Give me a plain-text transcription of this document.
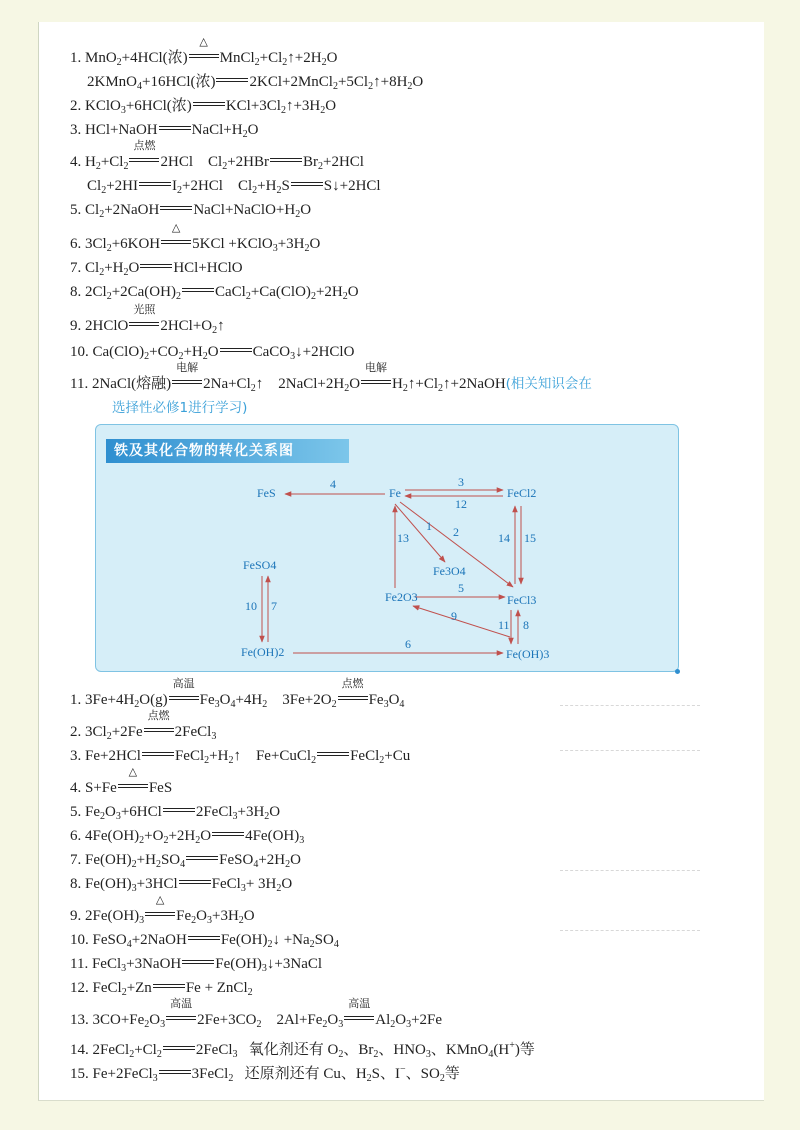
1. MnO$_2$+4HCl(浓)
△
$MnCl_2+Cl_2↑+2H_2O$
2KMnO$_4$+16HCl(浓) $2KCl+2MnCl_2+5Cl_2↑+8H_2O$
2. KClO$_3$+6HCl(浓) $KCl+3Cl_2↑+3H_2O$
3. HCl+NaOH $NaCl+H_2O$
4. $H_2+Cl_2$
点燃
2HCl $Cl_2+2HBr$ $Br_2+2HCl$
$Cl_2+2HI$ $I_2+2HCl$ $Cl_2+H_2S$ S↓+2HCl
5. $Cl_2+2NaOH$ $NaCl+NaClO+H_2O$
6. $3Cl_2+6KOH$
△
$5KCl +KClO_3+3H_2O$
7. $Cl_2+H_2O$ HCl+HClO
8. $2Cl_2+2Ca(OH)_2$ $CaCl_2+Ca(ClO)_2+2H_2O$
9. 2HClO
光照
$2HCl+O_2↑$
10. $Ca(ClO)_2+CO_2+H_2O$ CaCO$_3$↓+2HClO
11. 2NaCl(熔融)
电解
$2Na+Cl_2↑$ $2NaCl+2H_2O$
电解
$H_2↑+Cl_2↑+2NaOH$(相关知识会在
选择性必修1进行学习)
铁及其化合物的转化关系图
Fe
FeS	FeCl2
Fe3O4
FeSO4
Fe2O3	FeCl3
Fe(OH)2	Fe(OH)3
4	3
12
1 2
13	14 15
5
9
11 8
10 7
6
1. $3Fe+4H_2O(g)$
高温
$Fe_3O_4+4H_2$ $3Fe+2O_2$
点燃
$Fe_3O_4$
2. $3Cl_2+2Fe$
点燃
2FeCl$_3$
3. Fe+2HCl $FeCl_2+H_2↑$ Fe+CuCl$_2$ FeCl$_2$+Cu
4. S+Fe
△
FeS
5. $Fe_2O_3+6HCl$ $2FeCl_3+3H_2O$
6. $4Fe(OH)_2+O_2+2H_2O$ $4Fe(OH)_3$
7. $Fe(OH)_2+H_2SO_4$ $FeSO_4+2H_2O$
8. $Fe(OH)_3+3HCl$ FeCl$_3$+ $3H_2O$
9. $2Fe(OH)_3$
△
$Fe_2O_3+3H_2O$
10. FeSO$_4$+2NaOH $Fe(OH)_2↓ +Na_2SO_4$
11. FeCl$_3$+3NaOH $Fe(OH)_3↓+3NaCl$
12. FeCl$_2$+Zn Fe + ZnCl$_2$
13. $3CO+Fe_2O_3$
高温
$2Fe+3CO_2$ $2Al+Fe_2O_3$
高温
$Al_2O_3+2Fe$
14. $2FeCl_2+Cl_2$ 2FeCl$_3$ 氧化剂还有 $O_2$、$Br_2$、$HNO_3$、KMnO$_4$(H+)等
15. Fe+2FeCl$_3$ 3FeCl$_2$ 还原剂还有 Cu、$H_2S$、I−、$SO_2$等
